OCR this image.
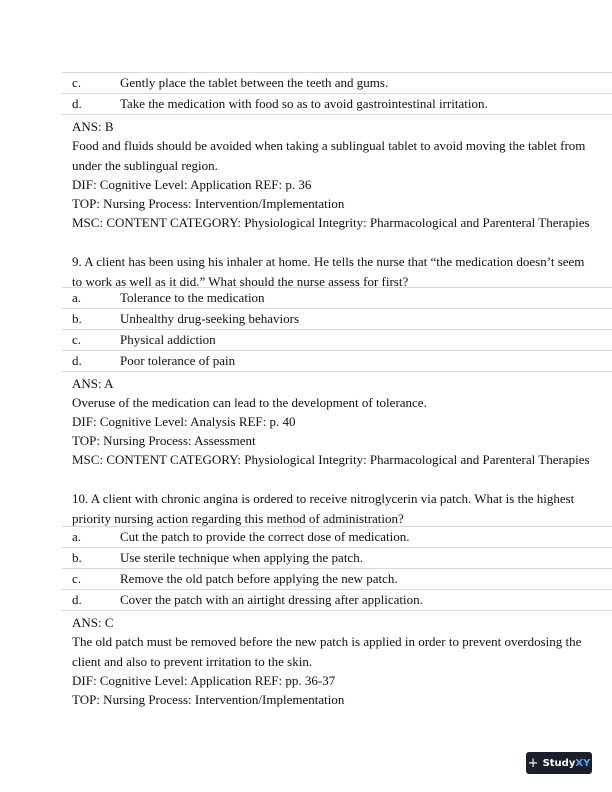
c.	Gently place the tablet between the teeth and gums.
d.	Take the medication with food so as to avoid gastrointestinal irritation.
ANS: B
Food and fluids should be avoided when taking a sublingual tablet to avoid moving the tablet from under the sublingual region.
DIF: Cognitive Level: Application REF: p. 36
TOP: Nursing Process: Intervention/Implementation
MSC: CONTENT CATEGORY: Physiological Integrity: Pharmacological and Parenteral Therapies
9. A client has been using his inhaler at home. He tells the nurse that “the medication doesn’t seem to work as well as it did.” What should the nurse assess for first?
a.	Tolerance to the medication
b.	Unhealthy drug-seeking behaviors
c.	Physical addiction
d.	Poor tolerance of pain
ANS: A
Overuse of the medication can lead to the development of tolerance.
DIF: Cognitive Level: Analysis REF: p. 40
TOP: Nursing Process: Assessment
MSC: CONTENT CATEGORY: Physiological Integrity: Pharmacological and Parenteral Therapies
10. A client with chronic angina is ordered to receive nitroglycerin via patch. What is the highest priority nursing action regarding this method of administration?
a.	Cut the patch to provide the correct dose of medication.
b.	Use sterile technique when applying the patch.
c.	Remove the old patch before applying the new patch.
d.	Cover the patch with an airtight dressing after application.
ANS: C
The old patch must be removed before the new patch is applied in order to prevent overdosing the client and also to prevent irritation to the skin.
DIF: Cognitive Level: Application REF: pp. 36-37
TOP: Nursing Process: Intervention/Implementation
+ StudyXY
